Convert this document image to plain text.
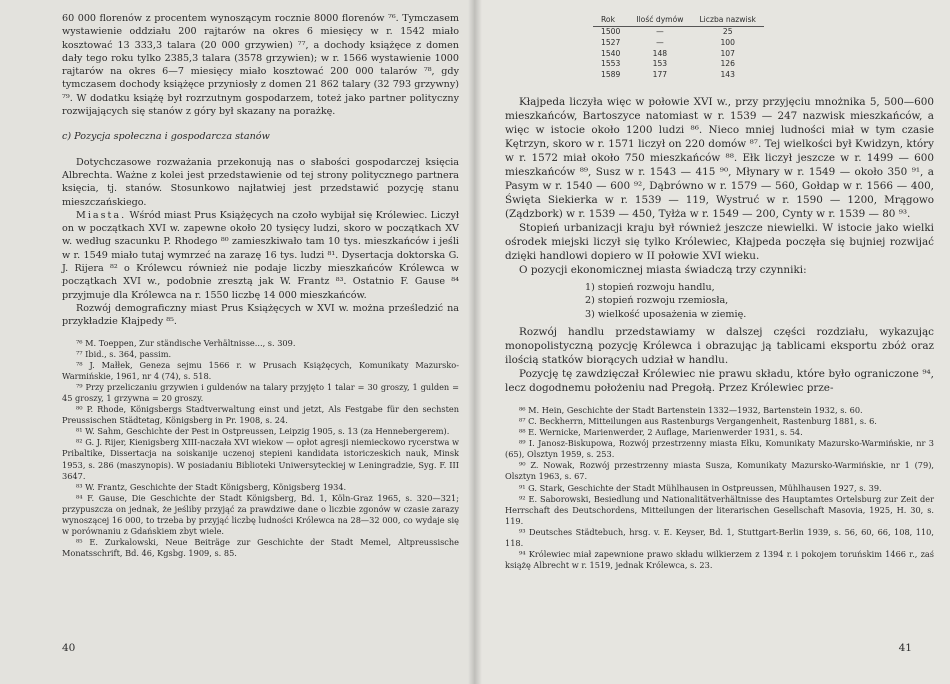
60 000 florenów z procentem wynoszącym rocznie 8000 florenów ⁷⁶. Tymczasem wystawienie oddziału 200 rajtarów na okres 6 miesięcy w r. 1542 miało kosztować 13 333,3 talara (20 000 grzywien) ⁷⁷, a dochody książęce z domen dały tego roku tylko 2385,3 talara (3578 grzywien); w r. 1566 wystawienie 1000 rajtarów na okres 6—7 miesięcy miało kosztować 200 000 talarów ⁷⁸, gdy tymczasem dochody książęce przyniosły z domen 21 862 talary (32 793 grzywny) ⁷⁹. W dodatku książę był rozrzutnym gospodarzem, toteż jako partner polityczny rozwijających się stanów z góry był skazany na porażkę.

c) Pozycja społeczna i gospodarcza stanów

Dotychczasowe rozważania przekonują nas o słabości gospodarczej księcia Albrechta. Ważne z kolei jest przedstawienie od tej strony politycznego partnera księcia, tj. stanów. Stosunkowo najłatwiej jest przedstawić pozycję stanu mieszczańskiego.

Miasta. Wśród miast Prus Książęcych na czoło wybijał się Królewiec. Liczył on w początkach XVI w. zapewne około 20 tysięcy ludzi, skoro w początkach XV w. według szacunku P. Rhodego ⁸⁰ zamieszkiwało tam 10 tys. mieszkańców i jeśli w r. 1549 miało tutaj wymrzeć na zarazę 16 tys. ludzi ⁸¹. Dysertacja doktorska G. J. Rijera ⁸² o Królewcu również nie podaje liczby mieszkańców Królewca w początkach XVI w., podobnie zresztą jak W. Frantz ⁸³. Ostatnio F. Gause ⁸⁴ przyjmuje dla Królewca na r. 1550 liczbę 14 000 mieszkańców.

Rozwój demograficzny miast Prus Książęcych w XVI w. można prześledzić na przykładzie Kłajpedy ⁸⁵.

⁷⁶ M. Toeppen, Zur ständische Verhältnisse..., s. 309.

⁷⁷ Ibid., s. 364, passim.

⁷⁸ J. Małłek, Geneza sejmu 1566 r. w Prusach Książęcych, Komunikaty Mazursko-Warmińskie, 1961, nr 4 (74), s. 518.

⁷⁹ Przy przeliczaniu grzywien i guldenów na talary przyjęto 1 talar = 30 groszy, 1 gulden = 45 groszy, 1 grzywna = 20 groszy.

⁸⁰ P. Rhode, Königsbergs Stadtverwaltung einst und jetzt, Als Festgabe für den sechsten Preussischen Städtetag, Königsberg in Pr. 1908, s. 24.

⁸¹ W. Sahm, Geschichte der Pest in Ostpreussen, Leipzig 1905, s. 13 (za Hennebergerem).

⁸² G. J. Rijer, Kienigsberg XIII-naczała XVI wiekow — opłot agresji niemieckowo rycerstwa w Pribaltike, Dissertacja na soiskanije uczenoj stepieni kandidata istoriczeskich nauk, Minsk 1953, s. 286 (maszynopis). W posiadaniu Biblioteki Uniwersyteckiej w Leningradzie, Syg. F. III 3647.

⁸³ W. Frantz, Geschichte der Stadt Königsberg, Königsberg 1934.

⁸⁴ F. Gause, Die Geschichte der Stadt Königsberg, Bd. 1, Köln-Graz 1965, s. 320—321; przypuszcza on jednak, że jeśliby przyjąć za prawdziwe dane o liczbie zgonów w czasie zarazy wynoszącej 16 000, to trzeba by przyjąć liczbę ludności Królewca na 28—32 000, co wydaje się w porównaniu z Gdańskiem zbyt wiele.

⁸⁵ E. Zurkalowski, Neue Beiträge zur Geschichte der Stadt Memel, Altpreussische Monatsschrift, Bd. 46, Kgsbg. 1909, s. 85.

40
Rok	Ilość dymów	Liczba nazwisk
1500	—	25
1527	—	100
1540	148	107
1553	153	126
1589	177	143

Kłajpeda liczyła więc w połowie XVI w., przy przyjęciu mnożnika 5, 500—600 mieszkańców, Bartoszyce natomiast w r. 1539 — 247 nazwisk mieszkańców, a więc w istocie około 1200 ludzi ⁸⁶. Nieco mniej ludności miał w tym czasie Kętrzyn, skoro w r. 1571 liczył on 220 domów ⁸⁷. Tej wielkości był Kwidzyn, który w r. 1572 miał około 750 mieszkańców ⁸⁸. Ełk liczył jeszcze w r. 1499 — 600 mieszkańców ⁸⁹, Susz w r. 1543 — 415 ⁹⁰, Młynary w r. 1549 — około 350 ⁹¹, a Pasym w r. 1540 — 600 ⁹², Dąbrówno w r. 1579 — 560, Gołdap w r. 1566 — 400, Święta Siekierka w r. 1539 — 119, Wystruć w r. 1590 — 1200, Mrągowo (Ządzbork) w r. 1539 — 450, Tyłża w r. 1549 — 200, Cynty w r. 1539 — 80 ⁹³.

Stopień urbanizacji kraju był również jeszcze niewielki. W istocie jako wielki ośrodek miejski liczył się tylko Królewiec, Kłajpeda poczęła się bujniej rozwijać dzięki handlowi dopiero w II połowie XVI wieku.

O pozycji ekonomicznej miasta świadczą trzy czynniki:

1) stopień rozwoju handlu,
2) stopień rozwoju rzemiosła,
3) wielkość uposażenia w ziemię.

Rozwój handlu przedstawiamy w dalszej części rozdziału, wykazując monopolistyczną pozycję Królewca i obrazując ją tablicami eksportu zbóż oraz ilością statków biorących udział w handlu.

Pozycję tę zawdzięczał Królewiec nie prawu składu, które było ograniczone ⁹⁴, lecz dogodnemu położeniu nad Pregołą. Przez Królewiec prze-

⁸⁶ M. Hein, Geschichte der Stadt Bartenstein 1332—1932, Bartenstein 1932, s. 60.

⁸⁷ C. Beckherrn, Mitteilungen aus Rastenburgs Vergangenheit, Rastenburg 1881, s. 6.

⁸⁸ E. Wernicke, Marienwerder, 2 Auflage, Marienwerder 1931, s. 54.

⁸⁹ I. Janosz-Biskupowa, Rozwój przestrzenny miasta Ełku, Komunikaty Mazursko-Warmińskie, nr 3 (65), Olsztyn 1959, s. 253.

⁹⁰ Z. Nowak, Rozwój przestrzenny miasta Susza, Komunikaty Mazursko-Warmińskie, nr 1 (79), Olsztyn 1963, s. 67.

⁹¹ G. Stark, Geschichte der Stadt Mühlhausen in Ostpreussen, Mühlhausen 1927, s. 39.

⁹² E. Saborowski, Besiedlung und Nationalitätverhältnisse des Hauptamtes Ortelsburg zur Zeit der Herrschaft des Deutschordens, Mitteilungen der literarischen Gesellschaft Masovia, 1925, H. 30, s. 119.

⁹³ Deutsches Städtebuch, hrsg. v. E. Keyser, Bd. 1, Stuttgart-Berlin 1939, s. 56, 60, 66, 108, 110, 118.

⁹⁴ Królewiec miał zapewnione prawo składu wilkierzem z 1394 r. i pokojem toruńskim 1466 r., zaś książę Albrecht w r. 1519, jednak Królewca, s. 23.

41
